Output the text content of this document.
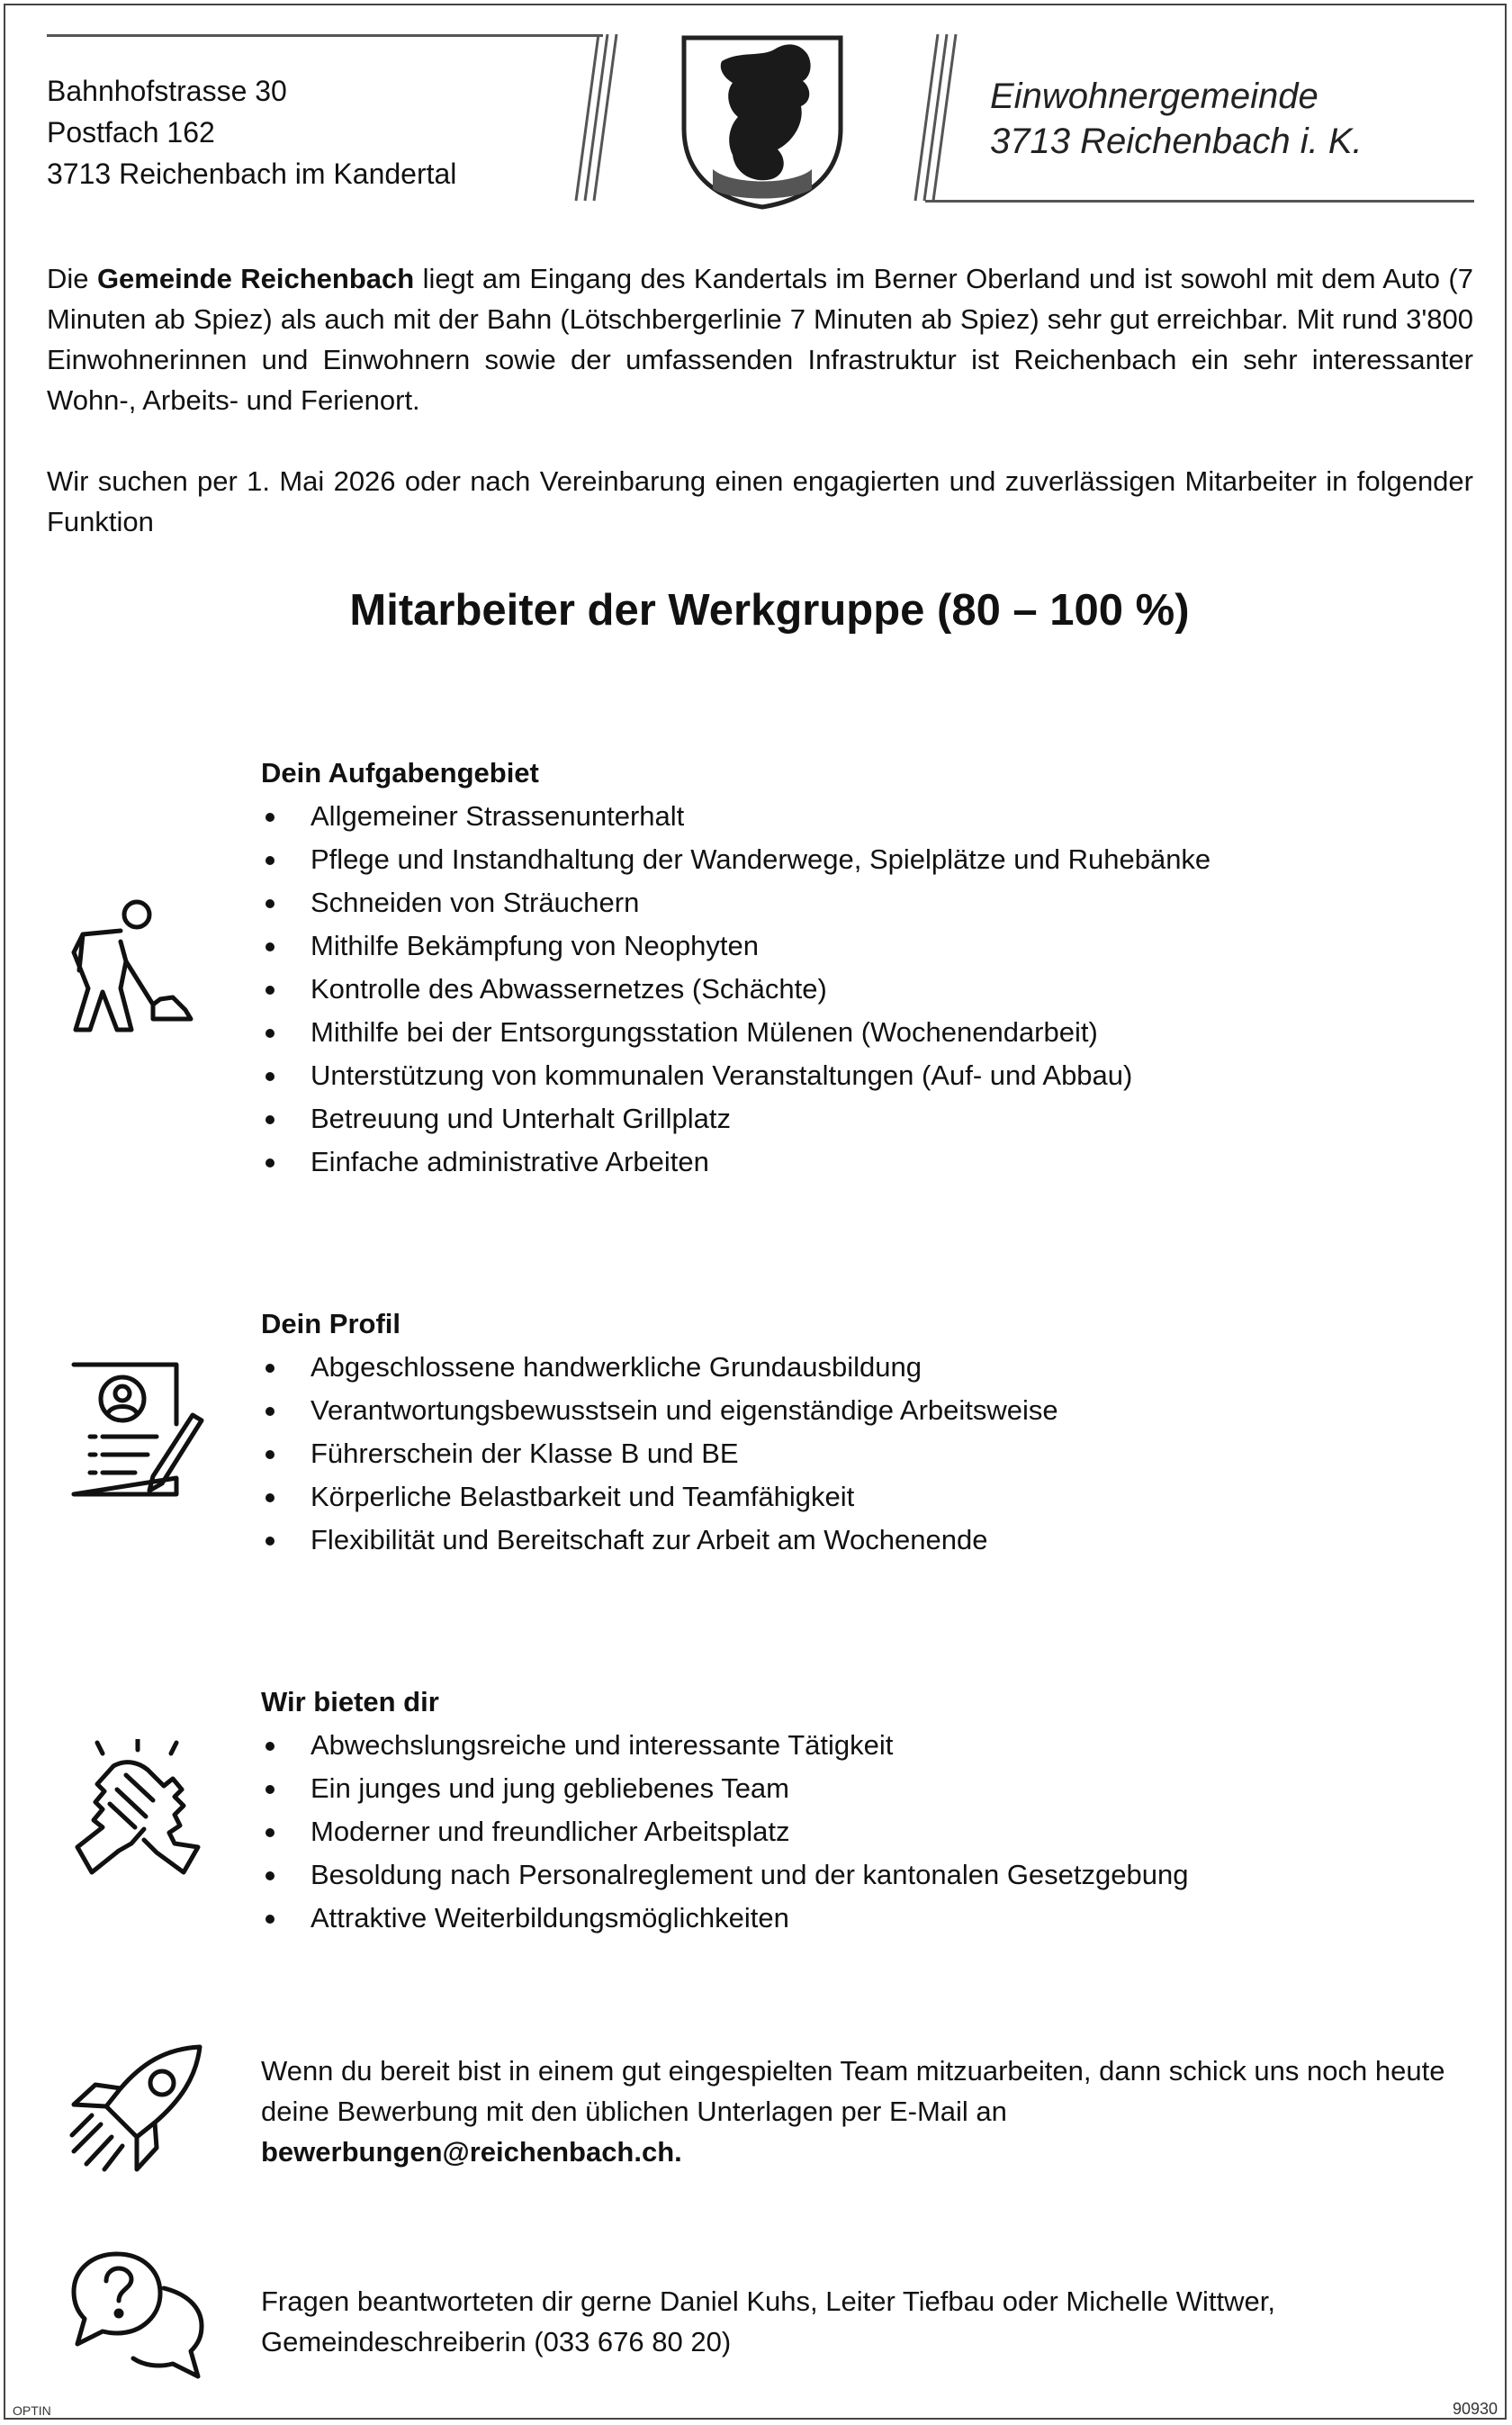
Bahnhofstrasse 30
Postfach 162
3713 Reichenbach im Kandertal
Einwohnergemeinde
3713 Reichenbach i. K.
Die Gemeinde Reichenbach liegt am Eingang des Kandertals im Berner Oberland und ist sowohl mit dem Auto (7 Minuten ab Spiez) als auch mit der Bahn (Lötschbergerlinie 7 Minuten ab Spiez) sehr gut erreichbar. Mit rund 3'800 Einwohnerinnen und Einwohnern sowie der umfassenden Infrastruktur ist Reichenbach ein sehr interessanter Wohn-, Arbeits- und Ferienort.
Wir suchen per 1. Mai 2026 oder nach Vereinbarung einen engagierten und zuverlässigen Mitarbeiter in folgender Funktion
Mitarbeiter der Werkgruppe (80 – 100 %)
Dein Aufgabengebiet
Allgemeiner Strassenunterhalt
Pflege und Instandhaltung der Wanderwege, Spielplätze und Ruhebänke
Schneiden von Sträuchern
Mithilfe Bekämpfung von Neophyten
Kontrolle des Abwassernetzes (Schächte)
Mithilfe bei der Entsorgungsstation Mülenen (Wochenendarbeit)
Unterstützung von kommunalen Veranstaltungen (Auf- und Abbau)
Betreuung und Unterhalt Grillplatz
Einfache administrative Arbeiten
Dein Profil
Abgeschlossene handwerkliche Grundausbildung
Verantwortungsbewusstsein und eigenständige Arbeitsweise
Führerschein der Klasse B und BE
Körperliche Belastbarkeit und Teamfähigkeit
Flexibilität und Bereitschaft zur Arbeit am Wochenende
Wir bieten dir
Abwechslungsreiche und interessante Tätigkeit
Ein junges und jung gebliebenes Team
Moderner und freundlicher Arbeitsplatz
Besoldung nach Personalreglement und der kantonalen Gesetzgebung
Attraktive Weiterbildungsmöglichkeiten
Wenn du bereit bist in einem gut eingespielten Team mitzuarbeiten, dann schick uns noch heute deine Bewerbung mit den üblichen Unterlagen per E-Mail an
bewerbungen@reichenbach.ch.
Fragen beantworteten dir gerne Daniel Kuhs, Leiter Tiefbau oder Michelle Wittwer, Gemeindeschreiberin (033 676 80 20)
OPTIN	90930
